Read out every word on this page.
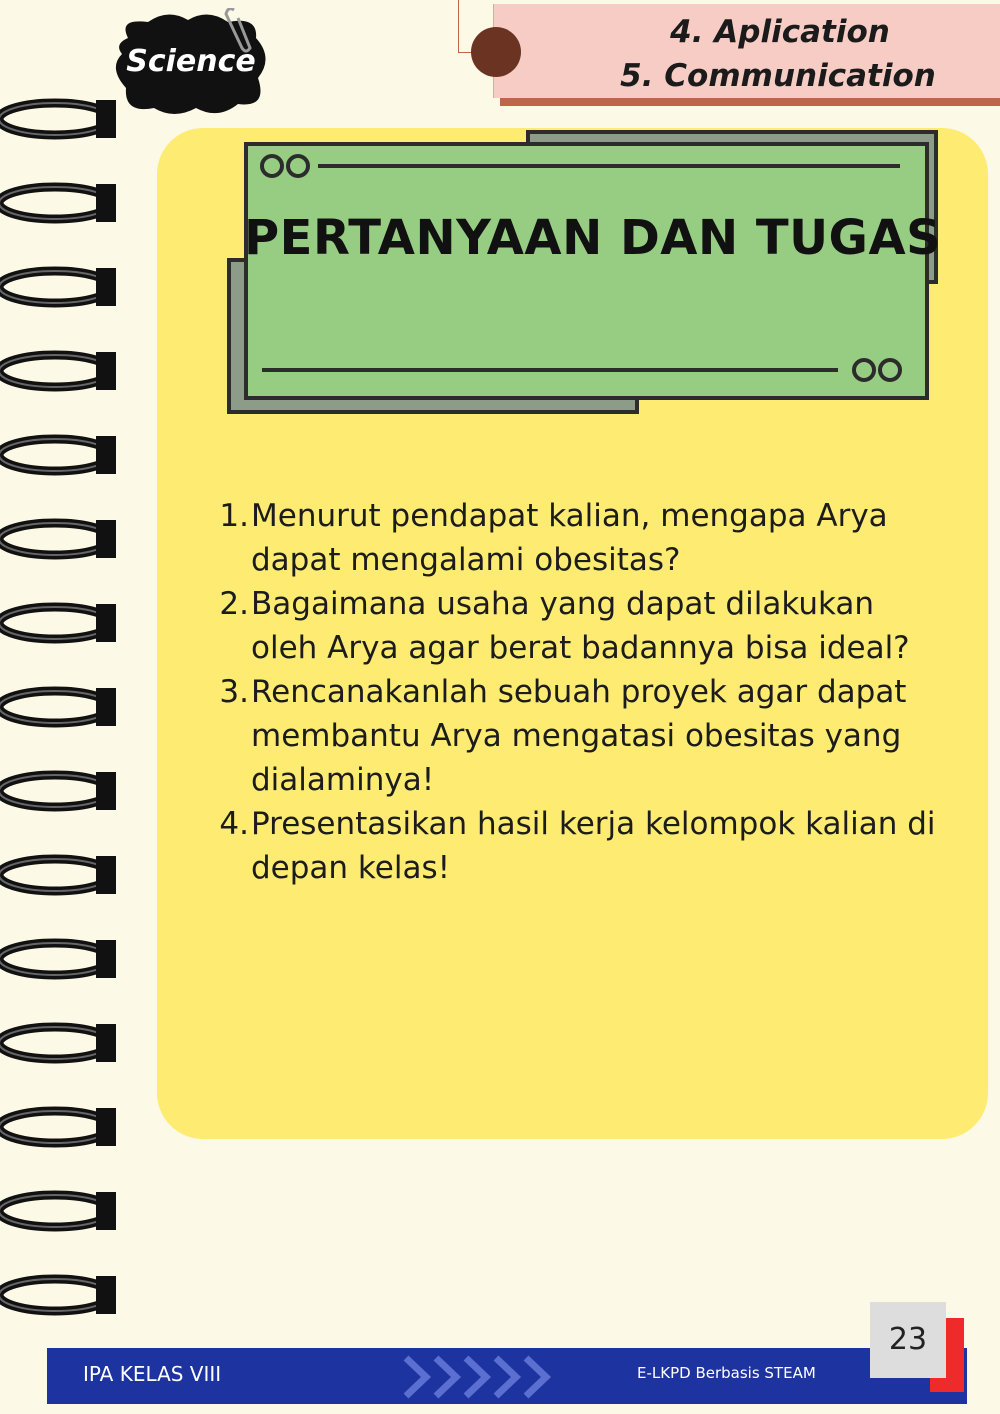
4. Aplication
5. Communication
Science
PERTANYAAN DAN TUGAS
1. Menurut pendapat kalian, mengapa Arya dapat mengalami obesitas?
2. Bagaimana usaha yang dapat dilakukan oleh Arya agar berat badannya bisa ideal?
3. Rencanakanlah sebuah proyek agar dapat membantu Arya mengatasi obesitas yang dialaminya!
4. Presentasikan hasil kerja kelompok kalian di depan kelas!
IPA KELAS VIII	E-LKPD Berbasis STEAM
23
